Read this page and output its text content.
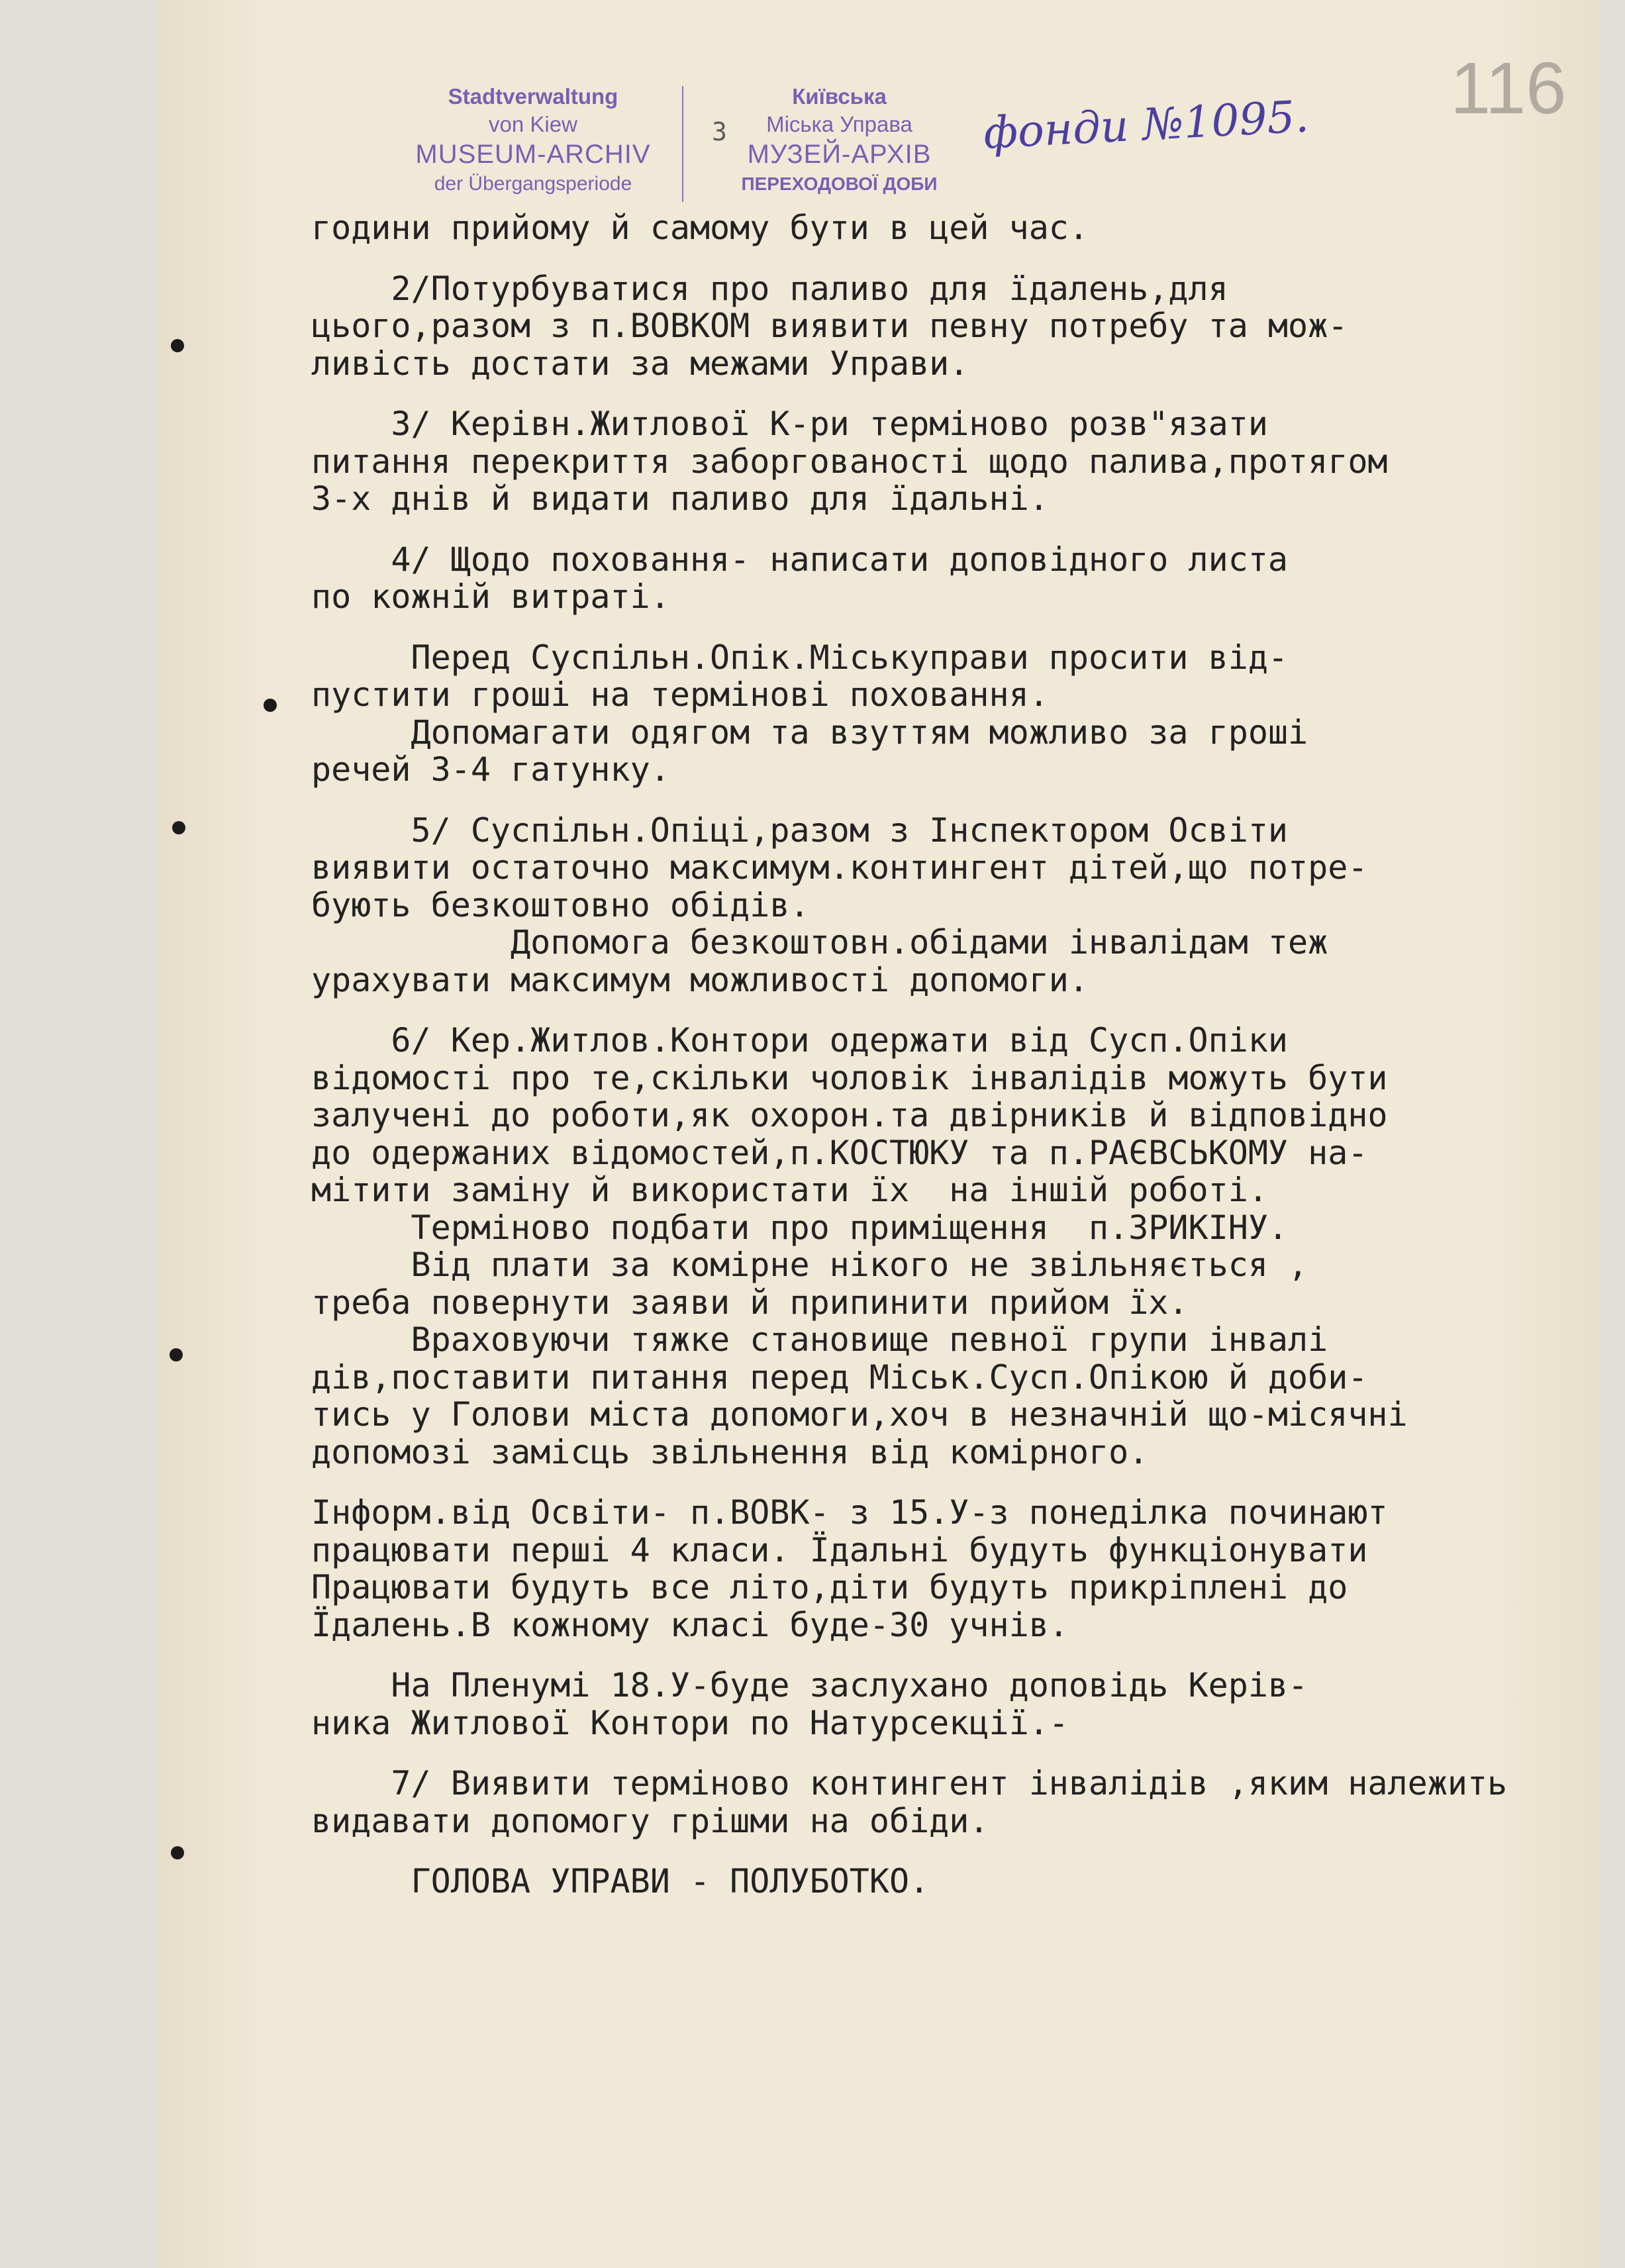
Stadtverwaltung
von Kiew
MUSEUM-ARCHIV
der Übergangsperiode
Київська
Міська Управа
МУЗЕЙ-АРХІВ
ПЕРЕХОДОВОЇ ДОБИ
3	фонди №1095. 116
години прийому й самому бути в цей час.
2/Потурбуватися про паливо для їдалень,для
цього,разом з п.ВОВКОМ виявити певну потребу та мож-
ливість достати за межами Управи.
3/ Керівн.Житлової К-ри терміново розв"язати
питання перекриття заборгованості щодо палива,протягом
3-х днів й видати паливо для їдальні.
4/ Щодо поховання- написати доповідного листа
по кожній витраті.
Перед Суспільн.Опік.Міськуправи просити від-
пустити гроші на термінові поховання.
Допомагати одягом та взуттям можливо за гроші
речей 3-4 гатунку.
5/ Суспільн.Опіці,разом з Інспектором Освіти
виявити остаточно максимум.контингент дітей,що потре-
бують безкоштовно обідів.
Допомога безкоштовн.обідами інвалідам теж
урахувати максимум можливості допомоги.
6/ Кер.Житлов.Контори одержати від Сусп.Опіки
відомості про те,скільки чоловік інвалідів можуть бути
залучені до роботи,як охорон.та двірників й відповідно
до одержаних відомостей,п.КОСТЮКУ та п.РАЄВСЬКОМУ на-
мітити заміну й використати їх  на іншій роботі.
Терміново подбати про приміщення  п.ЗРИКІНУ.
Від плати за комірне нікого не звільняється ,
треба повернути заяви й припинити прийом їх.
Враховуючи тяжке становище певної групи інвалі
дів,поставити питання перед Міськ.Сусп.Опікою й доби-
тись у Голови міста допомоги,хоч в незначній що-місячні
допомозі замісць звільнення від комірного.
Інформ.від Освіти- п.ВОВК- з 15.У-з понеділка починают
працювати перші 4 класи. Їдальні будуть функціонувати
Працювати будуть все літо,діти будуть прикріплені до
Їдалень.В кожному класі буде-30 учнів.
На Пленумі 18.У-буде заслухано доповідь Керів-
ника Житлової Контори по Натурсекції.-
7/ Виявити терміново контингент інвалідів ,яким належить
видавати допомогу грішми на обіди.
ГОЛОВА УПРАВИ - ПОЛУБОТКО.
